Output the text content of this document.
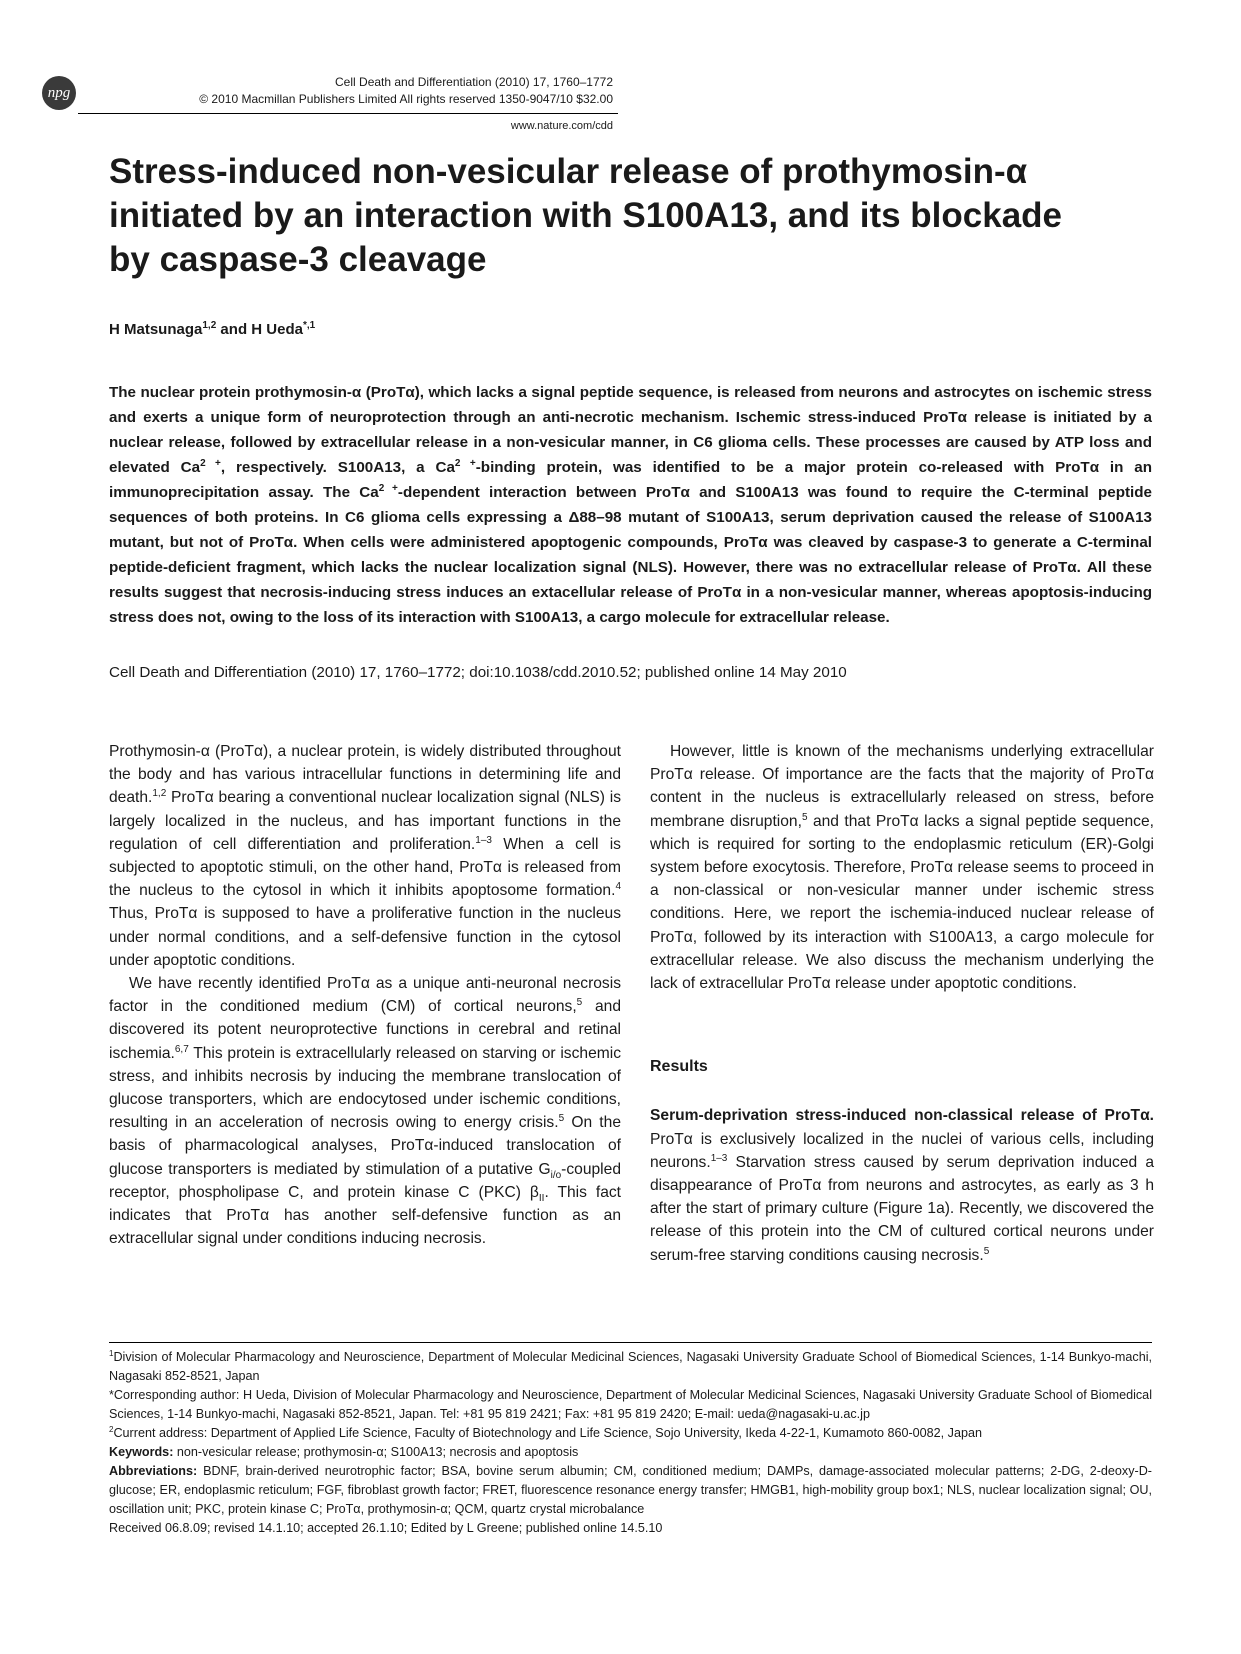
npg
Cell Death and Differentiation (2010) 17, 1760–1772
© 2010 Macmillan Publishers Limited All rights reserved 1350-9047/10 $32.00
www.nature.com/cdd
Stress-induced non-vesicular release of prothymosin-α initiated by an interaction with S100A13, and its blockade by caspase-3 cleavage
H Matsunaga$^{1,2}$ and H Ueda$^{*,1}$

The nuclear protein prothymosin-α (ProTα), which lacks a signal peptide sequence, is released from neurons and astrocytes on ischemic stress and exerts a unique form of neuroprotection through an anti-necrotic mechanism. Ischemic stress-induced ProTα release is initiated by a nuclear release, followed by extracellular release in a non-vesicular manner, in C6 glioma cells. These processes are caused by ATP loss and elevated $Ca^{2 +}$, respectively. S100A13, a $Ca^{2 +}$-binding protein, was identified to be a major protein co-released with ProTα in an immunoprecipitation assay. The $Ca^{2 +}$-dependent interaction between ProTα and S100A13 was found to require the C-terminal peptide sequences of both proteins. In C6 glioma cells expressing a Δ88–98 mutant of S100A13, serum deprivation caused the release of S100A13 mutant, but not of ProTα. When cells were administered apoptogenic compounds, ProTα was cleaved by caspase-3 to generate a C-terminal peptide-deficient fragment, which lacks the nuclear localization signal (NLS). However, there was no extracellular release of ProTα. All these results suggest that necrosis-inducing stress induces an extacellular release of ProTα in a non-vesicular manner, whereas apoptosis-inducing stress does not, owing to the loss of its interaction with S100A13, a cargo molecule for extracellular release.

Cell Death and Differentiation (2010) 17, 1760–1772; doi:10.1038/cdd.2010.52; published online 14 May 2010

Prothymosin-α (ProTα), a nuclear protein, is widely distributed throughout the body and has various intracellular functions in determining life and death.$^{1,2}$ ProTα bearing a conventional nuclear localization signal (NLS) is largely localized in the nucleus, and has important functions in the regulation of cell differentiation and proliferation.$^{1-3}$ When a cell is subjected to apoptotic stimuli, on the other hand, ProTα is released from the nucleus to the cytosol in which it inhibits apoptosome formation.$^4$ Thus, ProTα is supposed to have a proliferative function in the nucleus under normal conditions, and a self-defensive function in the cytosol under apoptotic conditions.

We have recently identified ProTα as a unique anti-neuronal necrosis factor in the conditioned medium (CM) of cortical neurons,$^5$ and discovered its potent neuroprotective functions in cerebral and retinal ischemia.$^{6,7}$ This protein is extracellularly released on starving or ischemic stress, and inhibits necrosis by inducing the membrane translocation of glucose transporters, which are endocytosed under ischemic conditions, resulting in an acceleration of necrosis owing to energy crisis.$^5$ On the basis of pharmacological analyses, ProTα-induced translocation of glucose transporters is mediated by stimulation of a putative $G_{i/o}$-coupled receptor, phospholipase C, and protein kinase C (PKC) $\beta_{II}$. This fact indicates that ProTα has another self-defensive function as an extracellular signal under conditions inducing necrosis.

However, little is known of the mechanisms underlying extracellular ProTα release. Of importance are the facts that the majority of ProTα content in the nucleus is extracellularly released on stress, before membrane disruption,$^5$ and that ProTα lacks a signal peptide sequence, which is required for sorting to the endoplasmic reticulum (ER)-Golgi system before exocytosis. Therefore, ProTα release seems to proceed in a non-classical or non-vesicular manner under ischemic stress conditions. Here, we report the ischemia-induced nuclear release of ProTα, followed by its interaction with S100A13, a cargo molecule for extracellular release. We also discuss the mechanism underlying the lack of extracellular ProTα release under apoptotic conditions.

Results

Serum-deprivation stress-induced non-classical release of ProTα. ProTα is exclusively localized in the nuclei of various cells, including neurons.$^{1-3}$ Starvation stress caused by serum deprivation induced a disappearance of ProTα from neurons and astrocytes, as early as 3 h after the start of primary culture (Figure 1a). Recently, we discovered the release of this protein into the CM of cultured cortical neurons under serum-free starving conditions causing necrosis.$^5$

$^1$Division of Molecular Pharmacology and Neuroscience, Department of Molecular Medicinal Sciences, Nagasaki University Graduate School of Biomedical Sciences, 1-14 Bunkyo-machi, Nagasaki 852-8521, Japan

*Corresponding author: H Ueda, Division of Molecular Pharmacology and Neuroscience, Department of Molecular Medicinal Sciences, Nagasaki University Graduate School of Biomedical Sciences, 1-14 Bunkyo-machi, Nagasaki 852-8521, Japan. Tel: +81 95 819 2421; Fax: +81 95 819 2420; E-mail: ueda@nagasaki-u.ac.jp

$^2$Current address: Department of Applied Life Science, Faculty of Biotechnology and Life Science, Sojo University, Ikeda 4-22-1, Kumamoto 860-0082, Japan

Keywords: non-vesicular release; prothymosin-α; S100A13; necrosis and apoptosis

Abbreviations: BDNF, brain-derived neurotrophic factor; BSA, bovine serum albumin; CM, conditioned medium; DAMPs, damage-associated molecular patterns; 2-DG, 2-deoxy-D-glucose; ER, endoplasmic reticulum; FGF, fibroblast growth factor; FRET, fluorescence resonance energy transfer; HMGB1, high-mobility group box1; NLS, nuclear localization signal; OU, oscillation unit; PKC, protein kinase C; ProTα, prothymosin-α; QCM, quartz crystal microbalance

Received 06.8.09; revised 14.1.10; accepted 26.1.10; Edited by L Greene; published online 14.5.10
